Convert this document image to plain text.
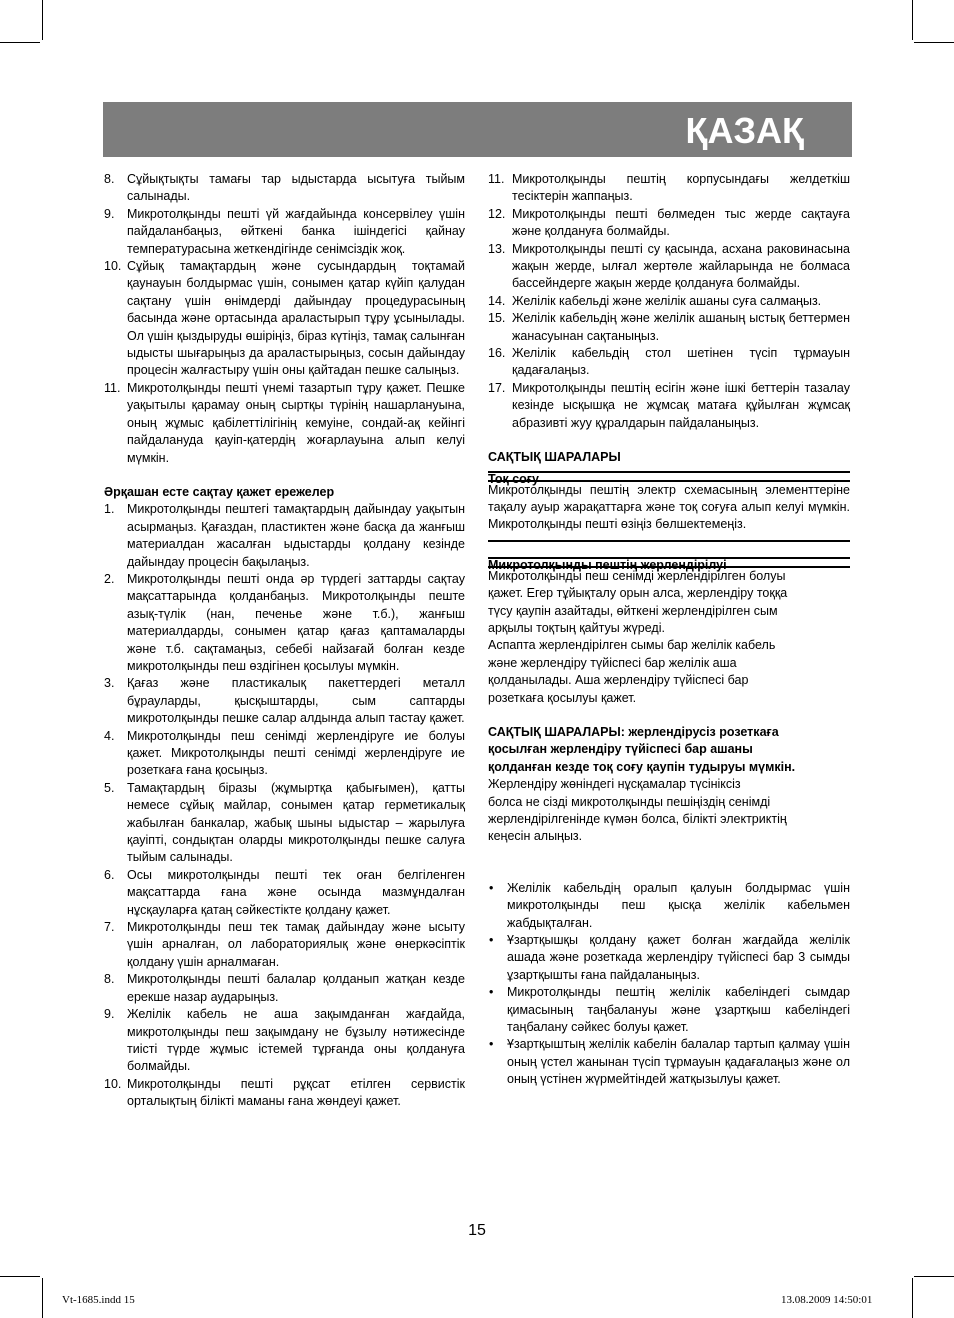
ҚАЗАҚ
8. Сұйықтықты тамағы тар ыдыстарда ысытуға тыйым салынады.
9. Микротолқынды пешті үй жағдайында консервілеу үшін пайдаланбаңыз, өйткені банка ішіндегісі қайнау температурасына жеткендігінде сенімсіздік жоқ.
10. Сұйық тамақтардың және сусындардың тоқтамай қаунауын болдырмас үшін, сонымен қатар күйіп қалудан сақтану үшін өнімдерді дайындау процедурасының басында және ортасында араластырып тұру ұсынылады. Ол үшін қыздыруды өшіріңіз, біраз күтіңіз, тамақ салынған ыдысты шығарыңыз да араластырыңыз, сосын дайындау процесін жалғастыру үшін оны қайтадан пешке салыңыз.
11. Микротолқынды пешті үнемі тазартып тұру қажет. Пешке уақытылы қарамау оның сыртқы түрінің нашарлануына, оның жұмыс қабілеттілігінің кемуіне, сондай-ақ кейінгі пайдалануда қауіп-қатердің жоғарлауына алып келуі мүмкін.

Әрқашан есте сақтау қажет ережелер

1. Микротолқынды пештегі тамақтардың дайындау уақытын асырмаңыз. Қағаздан, пластиктен және басқа да жанғыш материалдан жасалған ыдыстарды қолдану кезінде дайындау процесін бақылаңыз.
2. Микротолқынды пешті онда әр түрдегі заттарды сақтау мақсаттарында қолданбаңыз. Микротолқынды пеште азық-түлік (нан, печенье және т.б.), жанғыш материалдарды, сонымен қатар қағаз қаптамаларды және т.б. сақтамаңыз, себебі найзағай болған кезде микротолқынды пеш өздігінен қосылуы мүмкін.
3. Қағаз және пластикалық пакеттердегі металл бұрауларды, қысқыштарды, сым саптарды микротолқынды пешке салар алдында алып тастау қажет.
4. Микротолқынды пеш сенімді жерлендіруге ие болуы қажет. Микротолқынды пешті сенімді жерлендіруге ие розеткаға ғана қосыңыз.
5. Тамақтардың біразы (жұмыртқа қабығымен), қатты немесе сұйық майлар, сонымен қатар герметикалық жабылған банкалар, жабық шыны ыдыстар – жарылуға қауіпті, сондықтан оларды микротолқынды пешке салуға тыйым салынады.
6. Осы микротолқынды пешті тек оған белгіленген мақсаттарда ғана және осында мазмұндалған нұсқауларға қатаң сәйкестікте қолдану қажет.
7. Микротолқынды пеш тек тамақ дайындау және ысыту үшін арналған, ол лабораториялық және өнеркәсіптік қолдану үшін арналмаған.
8. Микротолқынды пешті балалар қолданып жатқан кезде ерекше назар аударыңыз.
9. Желілік кабель не аша зақымданған жағдайда, микротолқынды пеш зақымдану не бұзылу нәтижесінде тиісті түрде жұмыс істемей тұрғанда оны қолдануға болмайды.
10. Микротолқынды пешті рұқсат етілген сервистік орталықтың білікті маманы ғана жөндеуі қажет.
11. Микротолқынды пештің корпусындағы желдеткіш тесіктерін жаппаңыз.
12. Микротолқынды пешті бөлмеден тыс жерде сақтауға және қолдануға болмайды.
13. Микротолқынды пешті су қасында, асхана раковинасына жақын жерде, ылғал жертөле жайларында не болмаса бассейндерге жақын жерде қолдануға болмайды.
14. Желілік кабельді және желілік ашаны суға салмаңыз.
15. Желілік кабельдің және желілік ашаның ыстық беттермен жанасуынан сақтаныңыз.
16. Желілік кабельдің стол шетінен түсіп тұрмауын қадағалаңыз.
17. Микротолқынды пештің есігін және ішкі беттерін тазалау кезінде ысқышқа не жұмсақ матаға құйылған жұмсақ абразивті жуу құралдарын пайдаланыңыз.

САҚТЫҚ ШАРАЛАРЫ

Тоқ соғу

Микротолқынды пештің электр схемасының элементтеріне тақалу ауыр жарақаттарға және тоқ соғуға алып келуі мүмкін. Микротолқынды пешті өзіңіз бөлшектемеңіз.

Микротолқынды пештің жерлендірілуі

Микротолқынды пеш сенімді жерлендірілген болуы
қажет. Егер тұйықталу орын алса, жерлендіру тоққа
түсу қаупін азайтады, өйткені жерлендірілген сым
арқылы тоқтың қайтуы жүреді.
Аспапта жерлендірілген сымы бар желілік кабель
және жерлендіру түйіспесі бар желілік аша
қолданылады. Аша жерлендіру түйіспесі бар
розеткаға қосылуы қажет.
САҚТЫҚ ШАРАЛАРЫ: жерлендірусіз розеткаға
қосылған жерлендіру түйіспесі бар ашаны
қолданған кезде тоқ соғу қаупін тудыруы мүмкін.
Жерлендіру жөніндегі нұсқамалар түсініксіз
болса не сізді микротолқынды пешіңіздің сенімді
жерлендірілгенінде күмән болса, білікті электриктің
кеңесін алыңыз.
• Желілік кабельдің оралып қалуын болдырмас үшін микротолқынды пеш қысқа желілік кабельмен жабдықталған.
• Ұзартқышқы қолдану қажет болған жағдайда желілік ашада және розеткада жерлендіру түйіспесі бар 3 сымды ұзартқышты ғана пайдаланыңыз.
• Микротолқынды пештің желілік кабеліндегі сымдар қимасының таңбалануы және ұзартқыш кабеліндегі таңбалану сәйкес болуы қажет.
• Ұзартқыштың желілік кабелін балалар тартып қалмау үшін оның үстел жанынан түсіп тұрмауын қадағалаңыз және ол оның үстінен жүрмейтіндей жатқызылуы қажет.
15
Vt-1685.indd 15	13.08.2009 14:50:01
